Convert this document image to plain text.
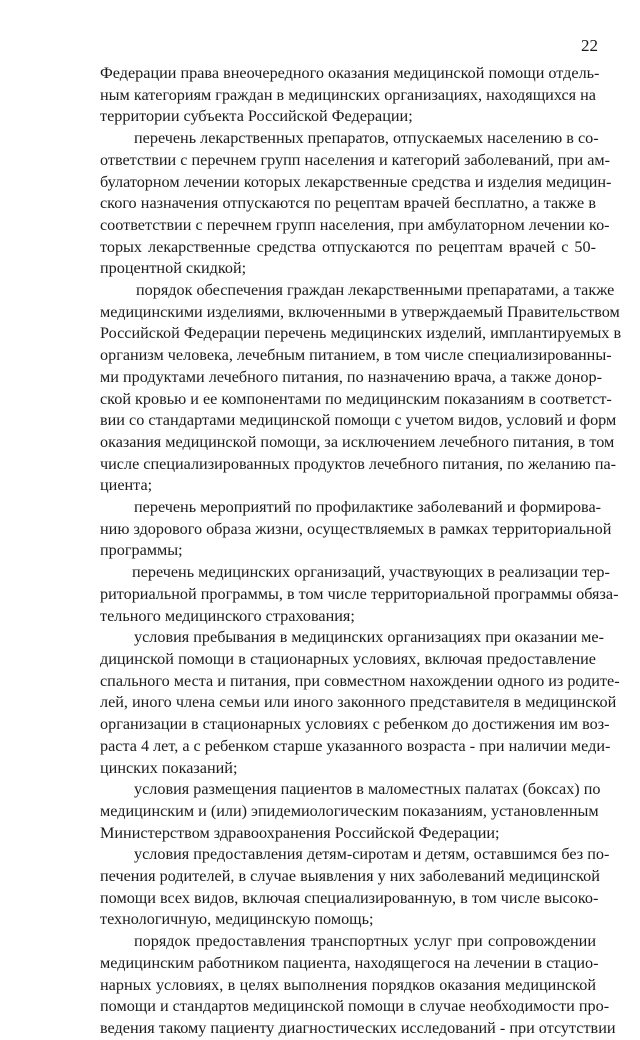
22
Федерации права внеочередного оказания медицинской помощи отдель-
ным категориям граждан в медицинских организациях, находящихся на
территории субъекта Российской Федерации;
перечень лекарственных препаратов, отпускаемых населению в со-
ответствии с перечнем групп населения и категорий заболеваний, при ам-
булаторном лечении которых лекарственные средства и изделия медицин-
ского назначения отпускаются по рецептам врачей бесплатно, а также в
соответствии с перечнем групп населения, при амбулаторном лечении ко-
торых лекарственные средства отпускаются по рецептам врачей с 50-
процентной скидкой;
порядок обеспечения граждан лекарственными препаратами, а также
медицинскими изделиями, включенными в утверждаемый Правительством
Российской Федерации перечень медицинских изделий, имплантируемых в
организм человека, лечебным питанием, в том числе специализированны-
ми продуктами лечебного питания, по назначению врача, а также донор-
ской кровью и ее компонентами по медицинским показаниям в соответст-
вии со стандартами медицинской помощи с учетом видов, условий и форм
оказания медицинской помощи, за исключением лечебного питания, в том
числе специализированных продуктов лечебного питания, по желанию па-
циента;
перечень мероприятий по профилактике заболеваний и формирова-
нию здорового образа жизни, осуществляемых в рамках территориальной
программы;
перечень медицинских организаций, участвующих в реализации тер-
риториальной программы, в том числе территориальной программы обяза-
тельного медицинского страхования;
условия пребывания в медицинских организациях при оказании ме-
дицинской помощи в стационарных условиях, включая предоставление
спального места и питания, при совместном нахождении одного из родите-
лей, иного члена семьи или иного законного представителя в медицинской
организации в стационарных условиях с ребенком до достижения им воз-
раста 4 лет, а с ребенком старше указанного возраста - при наличии меди-
цинских показаний;
условия размещения пациентов в маломестных палатах (боксах) по
медицинским и (или) эпидемиологическим показаниям, установленным
Министерством здравоохранения Российской Федерации;
условия предоставления детям-сиротам и детям, оставшимся без по-
печения родителей, в случае выявления у них заболеваний медицинской
помощи всех видов, включая специализированную, в том числе высоко-
технологичную, медицинскую помощь;
порядок предоставления транспортных услуг при сопровождении
медицинским работником пациента, находящегося на лечении в стацио-
нарных условиях, в целях выполнения порядков оказания медицинской
помощи и стандартов медицинской помощи в случае необходимости про-
ведения такому пациенту диагностических исследований - при отсутствии
